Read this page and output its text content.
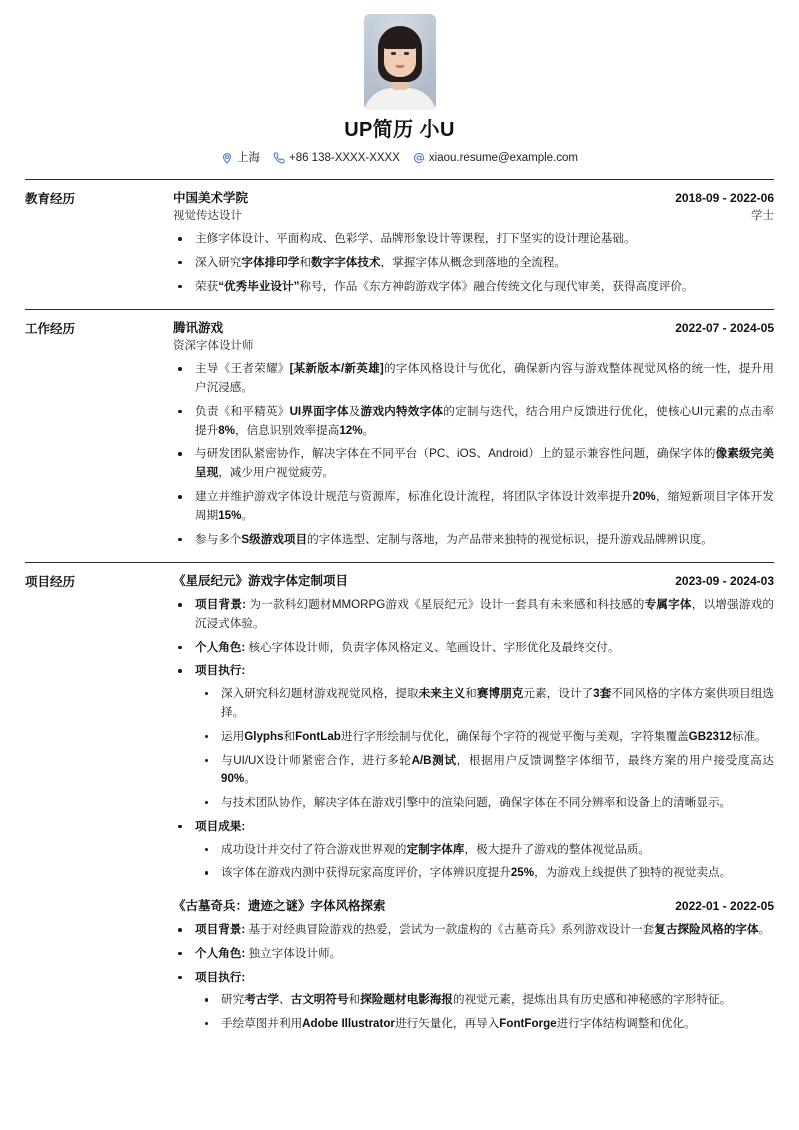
UP简历 小U
上海	+86 138-XXXX-XXXX	xiaou.resume@example.com
教育经历	中国美术学院	2018-09 - 2022-06
视觉传达设计	学士
主修字体设计、平面构成、色彩学、品牌形象设计等课程，打下坚实的设计理论基础。
深入研究字体排印学和数字字体技术，掌握字体从概念到落地的全流程。
荣获“优秀毕业设计”称号，作品《东方神韵游戏字体》融合传统文化与现代审美，获得高度评价。
工作经历	腾讯游戏	2022-07 - 2024-05
资深字体设计师
主导《王者荣耀》[某新版本/新英雄]的字体风格设计与优化，确保新内容与游戏整体视觉风格的统一性，提升用户沉浸感。
负责《和平精英》UI界面字体及游戏内特效字体的定制与迭代，结合用户反馈进行优化，使核心UI元素的点击率提升8%，信息识别效率提高12%。
与研发团队紧密协作，解决字体在不同平台（PC、iOS、Android）上的显示兼容性问题，确保字体的像素级完美呈现，减少用户视觉疲劳。
建立并维护游戏字体设计规范与资源库，标准化设计流程，将团队字体设计效率提升20%，缩短新项目字体开发周期15%。
参与多个S级游戏项目的字体选型、定制与落地，为产品带来独特的视觉标识，提升游戏品牌辨识度。
项目经历	《星辰纪元》游戏字体定制项目	2023-09 - 2024-03
项目背景: 为一款科幻题材MMORPG游戏《星辰纪元》设计一套具有未来感和科技感的专属字体，以增强游戏的沉浸式体验。
个人角色: 核心字体设计师，负责字体风格定义、笔画设计、字形优化及最终交付。
项目执行:
深入研究科幻题材游戏视觉风格，提取未来主义和赛博朋克元素，设计了3套不同风格的字体方案供项目组选择。
运用Glyphs和FontLab进行字形绘制与优化，确保每个字符的视觉平衡与美观，字符集覆盖GB2312标准。
与UI/UX设计师紧密合作，进行多轮A/B测试，根据用户反馈调整字体细节，最终方案的用户接受度高达90%。
与技术团队协作，解决字体在游戏引擎中的渲染问题，确保字体在不同分辨率和设备上的清晰显示。
项目成果:
成功设计并交付了符合游戏世界观的定制字体库，极大提升了游戏的整体视觉品质。
该字体在游戏内测中获得玩家高度评价，字体辨识度提升25%，为游戏上线提供了独特的视觉卖点。
《古墓奇兵：遗迹之谜》字体风格探索	2022-01 - 2022-05
项目背景: 基于对经典冒险游戏的热爱，尝试为一款虚构的《古墓奇兵》系列游戏设计一套复古探险风格的字体。
个人角色: 独立字体设计师。
项目执行:
研究考古学、古文明符号和探险题材电影海报的视觉元素，提炼出具有历史感和神秘感的字形特征。
手绘草图并利用Adobe Illustrator进行矢量化，再导入FontForge进行字体结构调整和优化。
